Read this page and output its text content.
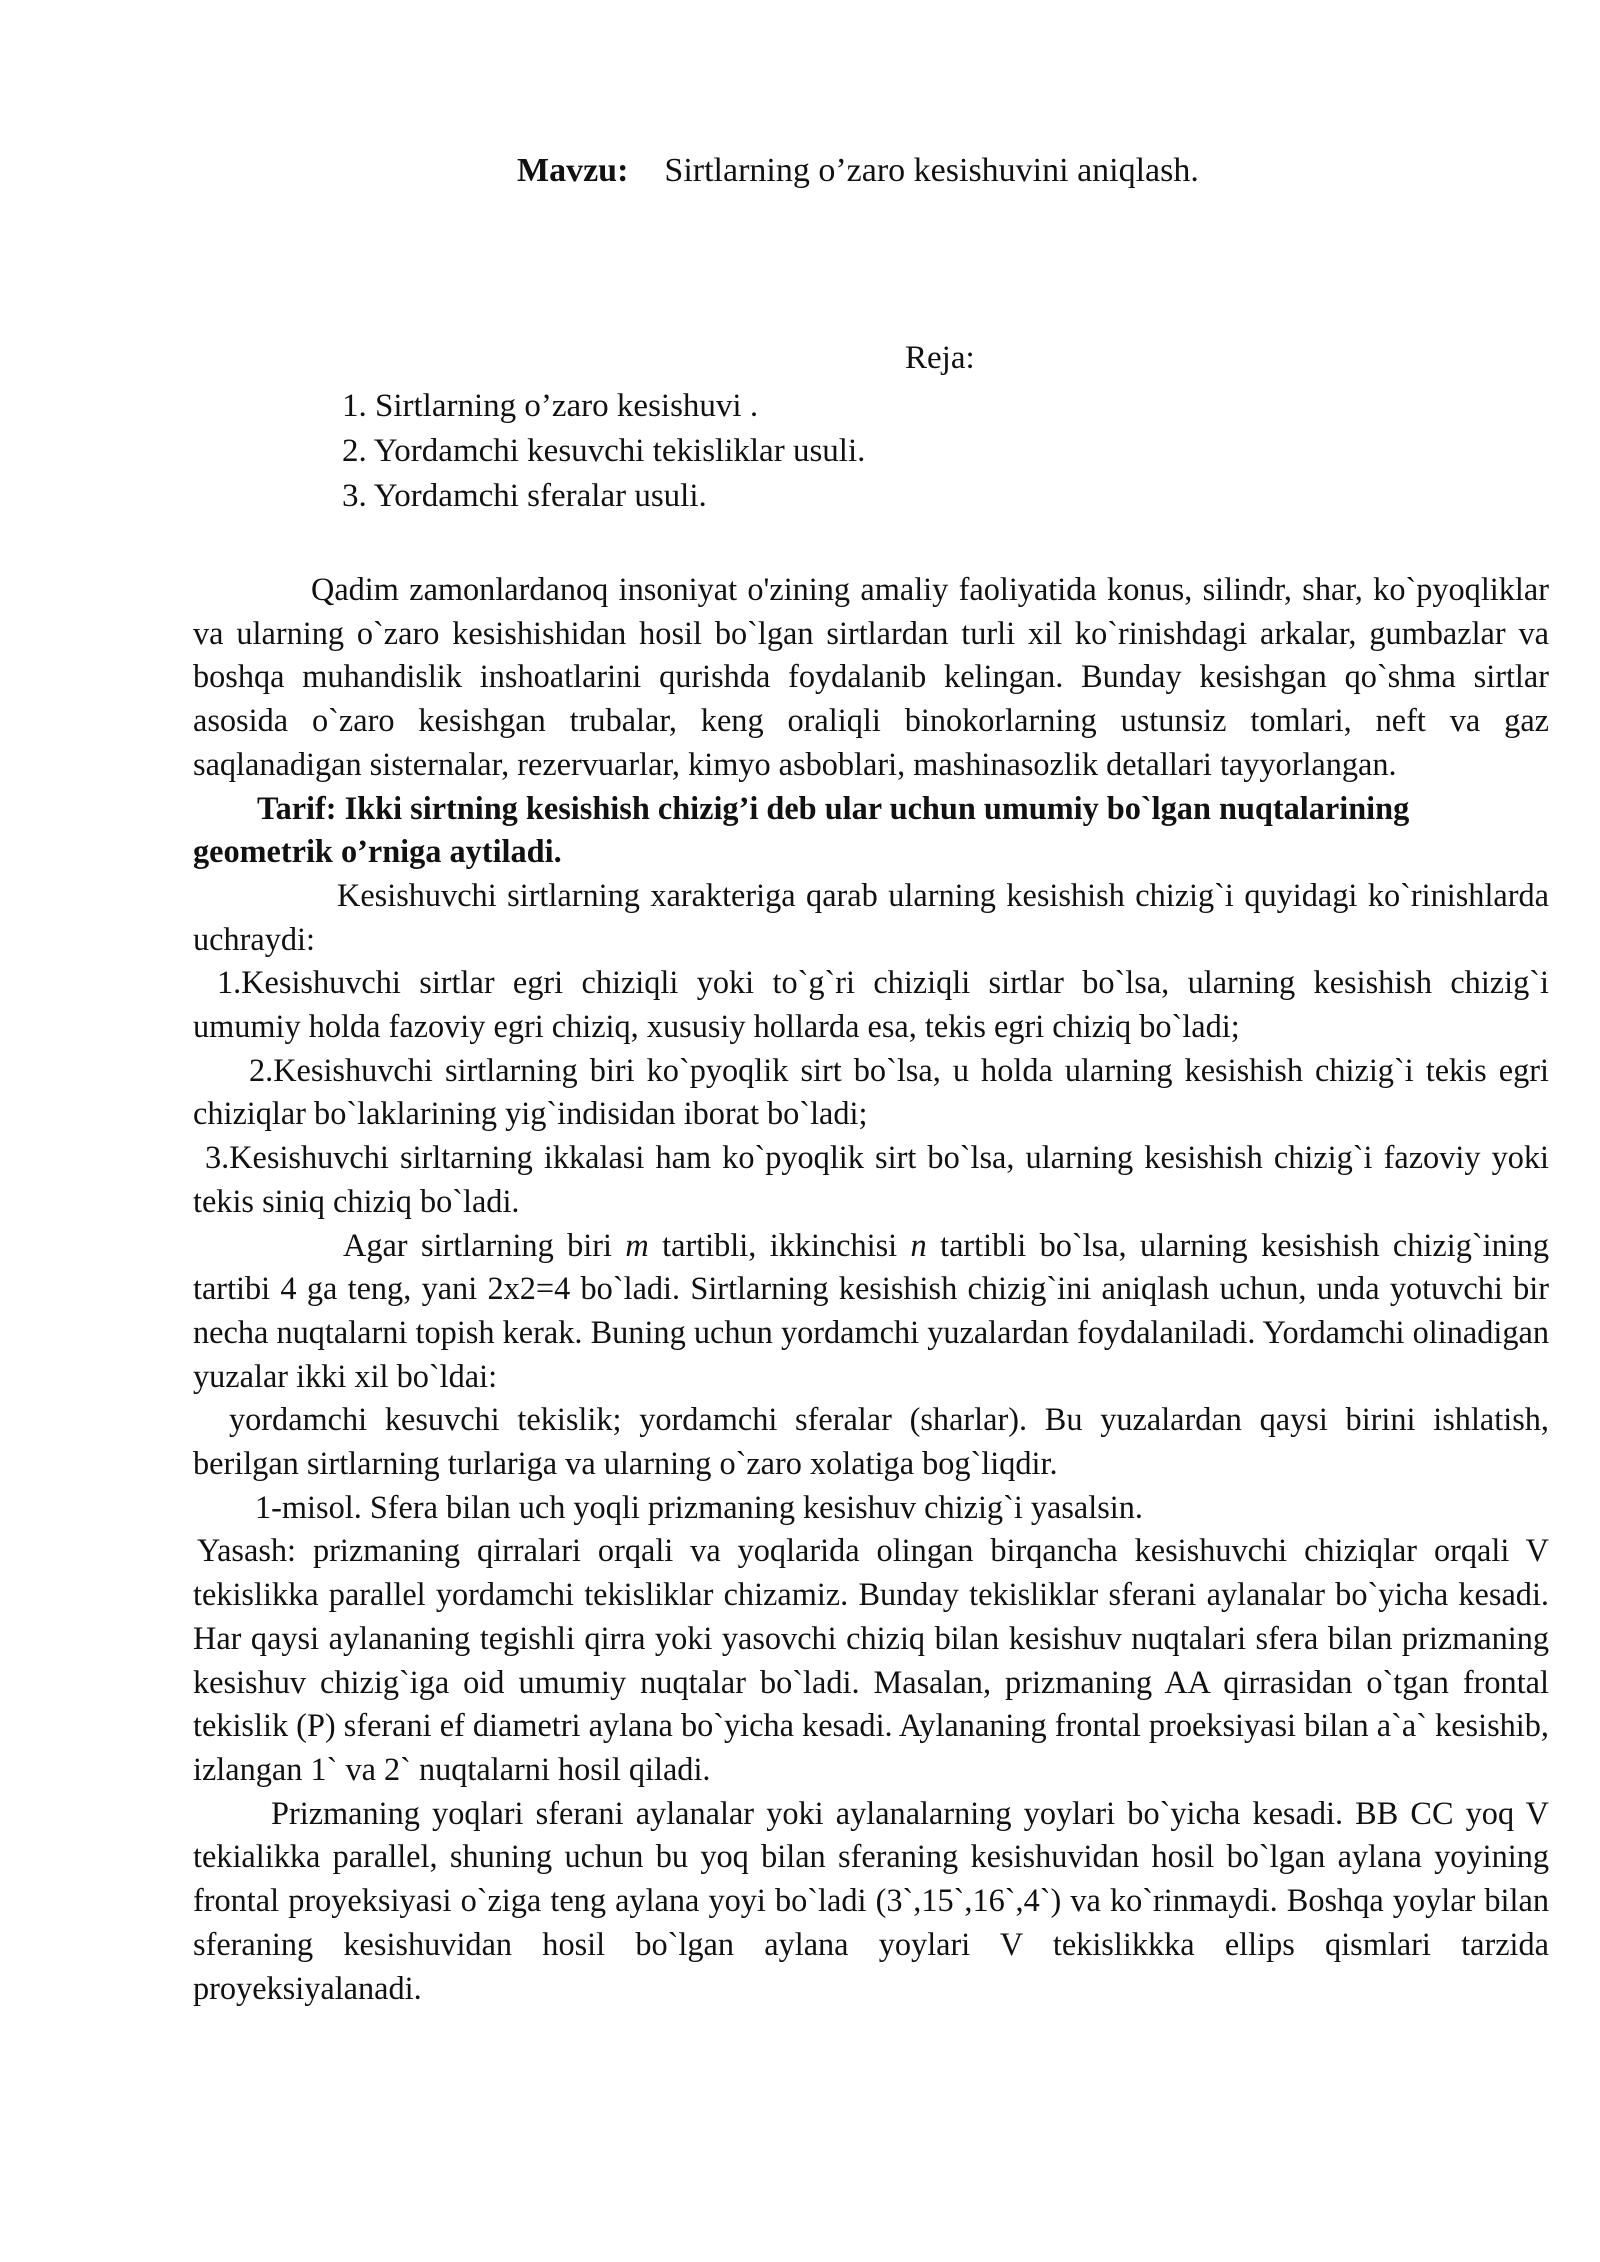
Mavzu: Sirtlarning o’zaro kesishuvini aniqlash.
Reja:
1. Sirtlarning o’zaro kesishuvi .
2. Yordamchi kesuvchi tekisliklar usuli.
3. Yordamchi sferalar usuli.

Qadim zamonlardanoq insoniyat o'zining amaliy faoliyatida konus, silindr, shar, ko`pyoqliklar va ularning o`zaro kesishishidan hosil bo`lgan sirtlardan turli xil ko`rinishdagi arkalar, gumbazlar va boshqa muhandislik inshoatlarini qurishda foydalanib kelingan. Bunday kesishgan qo`shma sirtlar asosida o`zaro kesishgan trubalar, keng oraliqli binokorlarning ustunsiz tomlari, neft va gaz saqlanadigan sisternalar, rezervuarlar, kimyo asboblari, mashinasozlik detallari tayyorlangan.

Tarif: Ikki sirtning kesishish chizig’i deb ular uchun umumiy bo`lgan nuqtalarining geometrik o’rniga aytiladi.

Kesishuvchi sirtlarning xarakteriga qarab ularning kesishish chizig`i quyidagi ko`rinishlarda uchraydi:

1.Kesishuvchi sirtlar egri chiziqli yoki to`g`ri chiziqli sirtlar bo`lsa, ularning kesishish chizig`i umumiy holda fazoviy egri chiziq, xususiy hollarda esa, tekis egri chiziq bo`ladi;

2.Kesishuvchi sirtlarning biri ko`pyoqlik sirt bo`lsa, u holda ularning kesishish chizig`i tekis egri chiziqlar bo`laklarining yig`indisidan iborat bo`ladi;

3.Kesishuvchi sirltarning ikkalasi ham ko`pyoqlik sirt bo`lsa, ularning kesishish chizig`i fazoviy yoki tekis siniq chiziq bo`ladi.

Agar sirtlarning biri m tartibli, ikkinchisi n tartibli bo`lsa, ularning kesishish chizig`ining tartibi 4 ga teng, yani 2x2=4 bo`ladi. Sirtlarning kesishish chizig`ini aniqlash uchun, unda yotuvchi bir necha nuqtalarni topish kerak. Buning uchun yordamchi yuzalardan foydalaniladi. Yordamchi olinadigan yuzalar ikki xil bo`ldai:

yordamchi kesuvchi tekislik; yordamchi sferalar (sharlar). Bu yuzalardan qaysi birini ishlatish, berilgan sirtlarning turlariga va ularning o`zaro xolatiga bog`liqdir.

1-misol. Sfera bilan uch yoqli prizmaning kesishuv chizig`i yasalsin.

Yasash: prizmaning qirralari orqali va yoqlarida olingan birqancha kesishuvchi chiziqlar orqali V tekislikka parallel yordamchi tekisliklar chizamiz. Bunday tekisliklar sferani aylanalar bo`yicha kesadi. Har qaysi aylananing tegishli qirra yoki yasovchi chiziq bilan kesishuv nuqtalari sfera bilan prizmaning kesishuv chizig`iga oid umumiy nuqtalar bo`ladi. Masalan, prizmaning AA qirrasidan o`tgan frontal tekislik (P) sferani ef diametri aylana bo`yicha kesadi. Aylananing frontal proeksiyasi bilan a`a` kesishib, izlangan 1` va 2` nuqtalarni hosil qiladi.

Prizmaning yoqlari sferani aylanalar yoki aylanalarning yoylari bo`yicha kesadi. BB CC yoq V tekialikka parallel, shuning uchun bu yoq bilan sferaning kesishuvidan hosil bo`lgan aylana yoyining frontal proyeksiyasi o`ziga teng aylana yoyi bo`ladi (3`,15`,16`,4`) va ko`rinmaydi. Boshqa yoylar bilan sferaning kesishuvidan hosil bo`lgan aylana yoylari V tekislikkka ellips qismlari tarzida proyeksiyalanadi.
